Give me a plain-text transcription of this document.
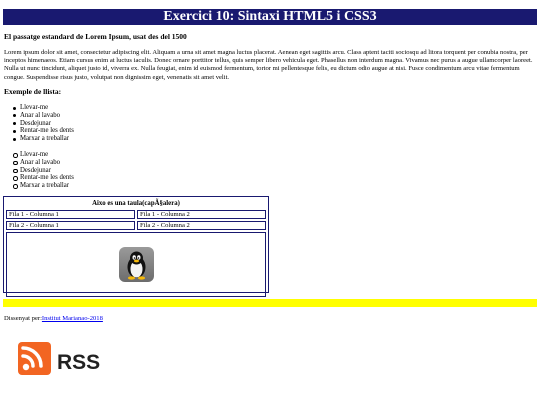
Exercici 10: Sintaxi HTML5 i CSS3
El passatge estandard de Lorem Ipsum, usat des del 1500
Lorem ipsum dolor sit amet, consectetur adipiscing elit. Aliquam a urna sit amet magna luctus placerat. Aenean eget sagittis arcu. Class aptent taciti sociosqu ad litora torquent per conubia nostra, per inceptos himenaeos. Etiam cursus enim at luctus iaculis. Donec ornare porttitor tellus, quis semper libero vehicula eget. Phasellus non interdum magna. Vivamus nec purus a augue ullamcorper laoreet. Nulla ut nunc tincidunt, aliquet justo id, viverra ex. Nulla feugiat, enim id euismod fermentum, tortor mi pellentesque felis, eu dictum odio augue at nisi. Fusce condimentum arcu vitae fermentum congue. Suspendisse risus justo, volutpat non dignissim eget, venenatis sit amet velit.
Exemple de llista:
Llevar-me
Anar al lavabo
Desdejunar
Rentar-me les dents
Marxar a treballar
Llevar-me
Anar al lavabo
Desdejunar
Rentar-me les dents
Marxar a treballar
Aixo es una taula(capÃ§alera)	
Fila 1 - Columna 1	Fila 1 - Columna 2
Fila 2 - Columna 1	Fila 2 - Columna 2

Dissenyat per:Institut Marianao-2018
RSS
